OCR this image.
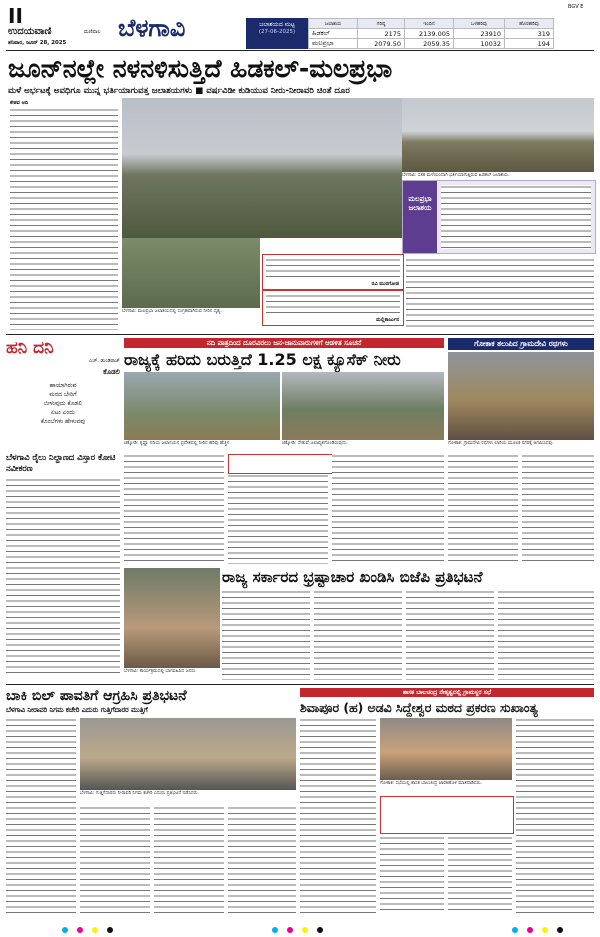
II
ಉದಯವಾಣಿ	ಮಣಿಪಾಲ
ಶನಿವಾರ, ಜೂನ್ 28, 2025
ಬೆಳಗಾವಿ
BGV E
ಜಲಾಶಯದ ಮಟ್ಟ
(27-06-2025)
ಜಲಾಶಯ	ಗರಿಷ್ಠ	ಇಂದಿನ	ಒಳಹರಿವು	ಹೊರಹರಿವು
ಹಿಡಕಲ್	2175	2139.005	23910	319
ಮಲಪ್ರಭಾ	2079.50	2059.35	10032	194
ಜೂನ್‌ನಲ್ಲೇ ನಳನಳಿಸುತ್ತಿದೆ ಹಿಡಕಲ್‌-ಮಲಪ್ರಭಾ
ಮಳೆ ಅರ್ಭಟಕ್ಕೆ ಅವಧಿಗೂ ಮುನ್ನ ಭರ್ತಿಯಾಗುವತ್ತ ಜಲಾಶಯಗಳು ■ ವರ್ಷವಿಡೀ ಕುಡಿಯುವ ನೀರು-ನೀರಾವರಿ ಚಿಂತೆ ದೂರ
ಕೇಶವ ಆದಿ
ಬೆಳಗಾವಿ: ಸತತ ಮಳೆಯಿಂದಾಗಿ ಭರ್ತಿಯಾಗುತ್ತಿರುವ ಹಿಡಕಲ್ ಜಲಾಶಯ.
ಮಲಪ್ರಭಾ ಜಲಾಶಯ
ಬೆಳಗಾವಿ: ಮಲಪ್ರಭಾ ಜಲಾಶಯದಲ್ಲಿ ಸಂಗ್ರಹವಾಗಿರುವ ನೀರಿನ ದೃಶ್ಯ.
ರವಿ ಮುರಗೋಡ
ಮಲ್ಲಿಕಾರ್ಜುನ
ಹನಿ ದನಿ
ಎಚ್. ಡುಂಡಿರಾಜ್
ಕೊಡಲಿ
ಹಾಯಾಗಿರುವ
ಮರದ ಬೇರಿಗೆ
ಬೀಳುವುದು ಕೊಡಲಿ
ಏಟು ಎಂದು
ಕೊಂಬೆಗಳು ಹೇಳುವವು
ಬೆಳಗಾವಿ ರೈಲು ನಿಲ್ದಾಣದ ವಿಸ್ತಾರ ಕೋಟಿ ನವೀಕರಣ
ನದಿ ಪಾತ್ರದಿಂದ ದೂರವಿರಲು ಜನ-ಜಾನುವಾರುಗಳಿಗೆ ಆಡಳಿತ ಸೂಚನೆ
ರಾಜ್ಯಕ್ಕೆ ಹರಿದು ಬರುತ್ತಿದೆ 1.25 ಲಕ್ಷ ಕ್ಯೂಸೆಕ್‌ ನೀರು
ಚಿಕ್ಕೋಡಿ: ಕೃಷ್ಣಾ ನದಿಯ ಜಲಾನಯನ ಪ್ರದೇಶದಲ್ಲಿ ನೀರಿನ ಹರಿವು ಹೆಚ್ಚಳ.	ಚಿಕ್ಕೋಡಿ: ಸೇತುವೆ ಜಲಾವೃತಗೊಂಡಿರುವುದು.
ಗೋಕಾಕ ತಲುಪಿದ ಗ್ರಾಮದೇವಿ ರಥಗಳು
ಗೋಕಾಕ: ಗ್ರಾಮದೇವಿ ರಥಗಳು ಲಾರಿಯ ಮೂಲಕ ನಗರಕ್ಕೆ ಆಗಮಿಸಿದವು.
ಬೆಳಗಾವಿ: ಕಾರ್ಯಕ್ರಮದಲ್ಲಿ ಭಾಗವಹಿಸಿದ ಜನರು.
ರಾಜ್ಯ ಸರ್ಕಾರದ ಭ್ರಷ್ಟಾಚಾರ ಖಂಡಿಸಿ ಬಿಜೆಪಿ ಪ್ರತಿಭಟನೆ
ಬಾಕಿ ಬಿಲ್‌ ಪಾವತಿಗೆ ಆಗ್ರಹಿಸಿ ಪ್ರತಿಭಟನೆ
ಬೆಳಗಾವಿ ನೀರಾವರಿ ನಿಗಮ ಕಚೇರಿ ಎದುರು ಗುತ್ತಿಗೆದಾರರ ಮುತ್ತಿಗೆ
ಬೆಳಗಾವಿ: ಗುತ್ತಿಗೆದಾರರು ನೀರಾವರಿ ನಿಗಮ ಕಚೇರಿ ಎದುರು ಪ್ರತಿಭಟನೆ ನಡೆಸಿದರು.
ಶಾಸಕ ಬಾಲಚಂದ್ರ ನೇತೃತ್ವದಲ್ಲಿ ಗ್ರಾಮಸ್ಥರ ಸಭೆ
ಶಿವಾಪೂರ (ಹ) ಅಡವಿ ಸಿದ್ದೇಶ್ವರ ಮಠದ ಪ್ರಕರಣ ಸುಖಾಂತ್ಯ
ಗೋಕಾಕ: ಸಭೆಯಲ್ಲಿ ಶಾಸಕ ಬಾಲಚಂದ್ರ ಜಾರಕಿಹೊಳಿ ಮಾತನಾಡಿದರು.
